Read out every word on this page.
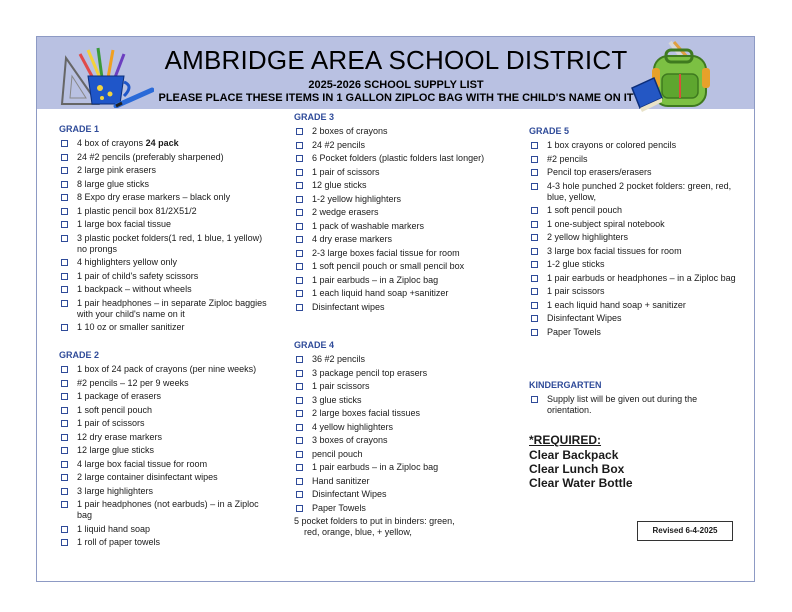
AMBRIDGE AREA SCHOOL DISTRICT
2025-2026 SCHOOL SUPPLY LIST
PLEASE PLACE THESE ITEMS IN 1 GALLON ZIPLOC BAG WITH THE CHILD'S NAME ON IT
GRADE 1
4 box of crayons 24 pack
24 #2 pencils (preferably sharpened)
2 large pink erasers
8 large glue sticks
8 Expo dry erase markers – black only
1 plastic pencil box 81/2X51/2
1 large box facial tissue
3 plastic pocket folders(1 red, 1 blue, 1 yellow) no prongs
4 highlighters yellow only
1 pair of child's safety scissors
1 backpack – without wheels
1 pair headphones – in separate Ziploc baggies with your child's name on it
1 10 oz or smaller sanitizer
GRADE 2
1 box of 24 pack of crayons (per nine weeks)
#2 pencils – 12 per 9 weeks
1 package of erasers
1 soft pencil pouch
1 pair of scissors
12 dry erase markers
12 large glue sticks
4 large box facial tissue for room
2 large container disinfectant wipes
3 large highlighters
1 pair headphones (not earbuds) – in a Ziploc bag
1 liquid hand soap
1 roll of paper towels
GRADE 3
2 boxes of crayons
24 #2 pencils
6 Pocket folders (plastic folders last longer)
1 pair of scissors
12 glue sticks
1-2 yellow highlighters
2 wedge erasers
1 pack of washable markers
4 dry erase markers
2-3 large boxes facial tissue for room
1 soft pencil pouch or small pencil box
1 pair earbuds – in a Ziploc bag
1 each liquid hand soap +sanitizer
Disinfectant wipes
GRADE 4
36 #2 pencils
3 package pencil top erasers
1 pair scissors
3 glue sticks
2 large boxes facial tissues
4 yellow highlighters
3 boxes of crayons
pencil pouch
1 pair earbuds – in a Ziploc bag
Hand sanitizer
Disinfectant Wipes
Paper Towels
5 pocket folders to put in binders: green,
red, orange, blue, + yellow,
GRADE 5
1 box crayons or colored pencils
#2 pencils
Pencil top erasers/erasers
4-3 hole punched 2 pocket folders: green, red, blue, yellow,
1 soft pencil pouch
1 one-subject spiral notebook
2 yellow highlighters
3 large box facial tissues for room
1-2 glue sticks
1 pair earbuds or headphones – in a Ziploc bag
1 pair scissors
1 each liquid hand soap + sanitizer
Disinfectant Wipes
Paper Towels
KINDERGARTEN
Supply list will be given out during the orientation.
*REQUIRED:
Clear Backpack
Clear Lunch Box
Clear Water Bottle
Revised 6-4-2025
